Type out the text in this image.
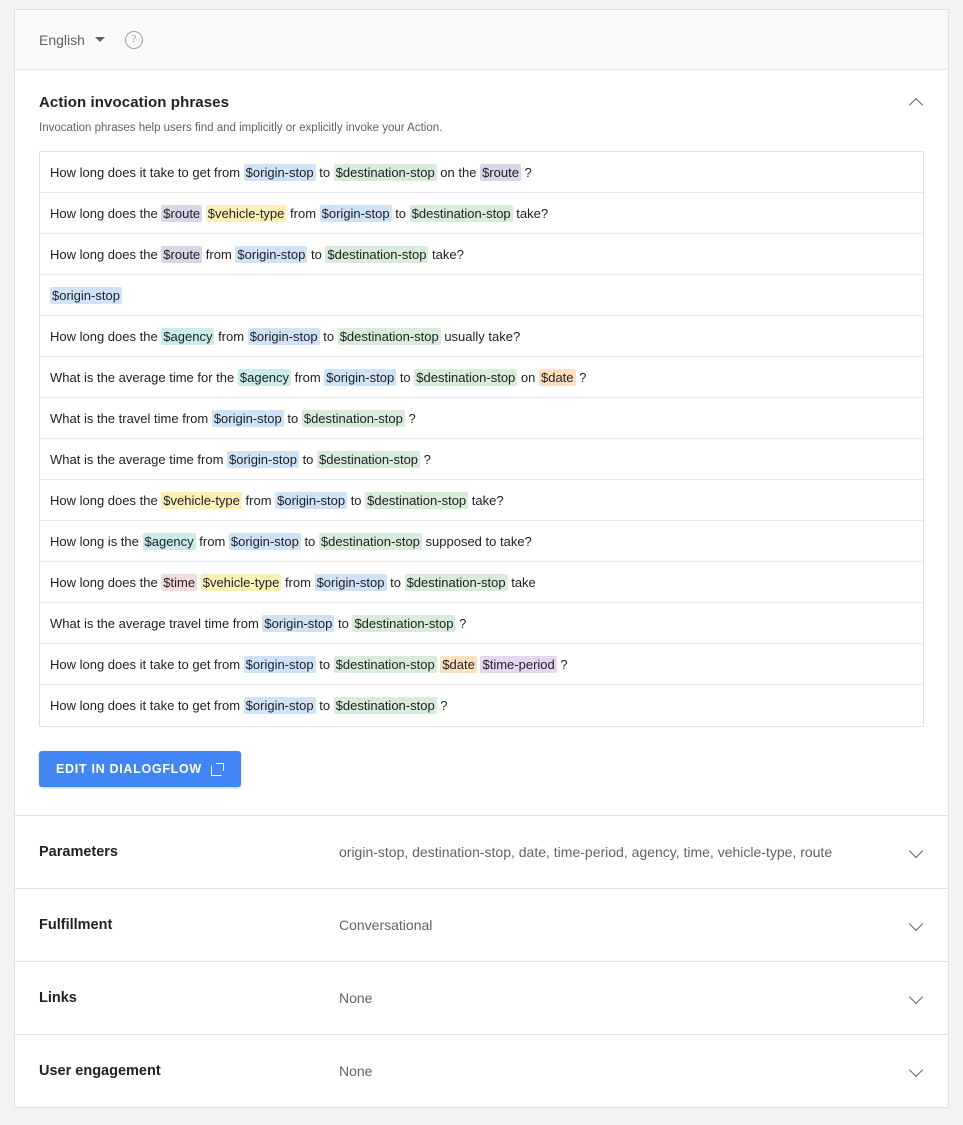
English	?
Action invocation phrases
Invocation phrases help users find and implicitly or explicitly invoke your Action.
How long does it take to get from $origin-stop to $destination-stop on the $route ?
How long does the $route
$vehicle-type from $origin-stop to $destination-stop take?
How long does the $route from $origin-stop to $destination-stop take?
$origin-stop
How long does the $agency from $origin-stop to $destination-stop usually take?
What is the average time for the $agency from $origin-stop to $destination-stop on $date ?
What is the travel time from $origin-stop to $destination-stop ?
What is the average time from $origin-stop to $destination-stop ?
How long does the $vehicle-type from $origin-stop to $destination-stop take?
How long is the $agency from $origin-stop to $destination-stop supposed to take?
How long does the $time
$vehicle-type from $origin-stop to $destination-stop take
What is the average travel time from $origin-stop to $destination-stop ?
How long does it take to get from $origin-stop to $destination-stop
$date
$time-period ?
How long does it take to get from $origin-stop to $destination-stop ?
EDIT IN DIALOGFLOW
Parameters	origin-stop, destination-stop, date, time-period, agency, time, vehicle-type, route
Fulfillment	Conversational
Links	None
User engagement	None
